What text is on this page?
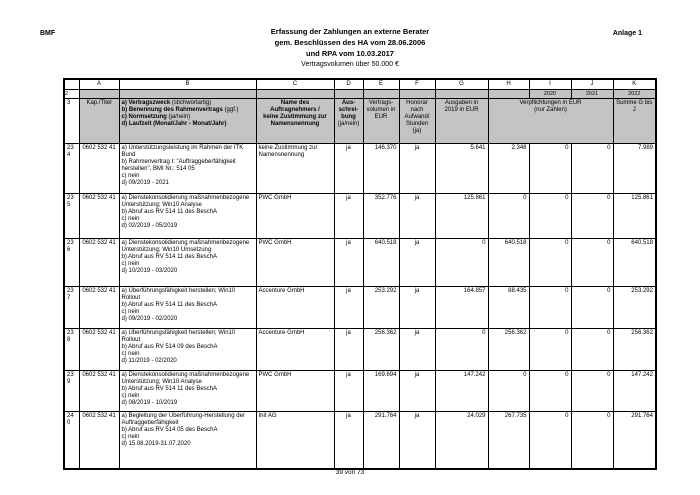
BMF	Anlage 1
Erfassung der Zahlungen an externe Berater
gem. Beschlüssen des HA vom 28.06.2006
und RPA vom 10.03.2017
Vertragsvolumen über 50.000 €
	A	B	C	D	E	F	G	H	I	J	K
2									2020	2021	2022
3	Kap./Titel	a) Vertragszweck (stichwortartig)
b) Benennung des Rahmenvertrags (ggf.)
c) Normsetzung (ja/nein)
d) Laufzeit (Monat/Jahr - Monat/Jahr)

Name des
Auftragnehmers /
keine Zustimmung zur
Namensnennung

Aus-
schrei-
bung
(ja/nein)
	Vertrags-volumen in EUR	Honorar nach Aufwand/ Stunden (ja)	Ausgaben in 2019 in EUR	
Verpflichtungen in EUR
(nur Zahlen)
	Summe G bis J
234	0602 532 41	a) Unterstützungsleistung im Rahmen der ITK Bund
b) Rahmenvertrag I: "Auftraggeberfähigkeit herstellen", BMI Nr.: 514 05
c) nein
d) 09/2019 - 2021	keine Zustimmung zur Namensnennung	ja	146.370	ja	5.641	2.348	0	0	7.989
235	0602 532 41	a) Dienstekonsolidierung maßnahmenbezogene Unterstützung; Win10 Analyse
b) Abruf aus RV 514 11 des BeschA
c) nein
d) 02/2019 - 05/2019	PWC GmbH	ja	352.776	ja	125.861	0	0	0	125.861
236	0602 532 41	a) Dienstekonsolidierung maßnahmenbezogene Unterstützung; Win10 Umsetzung
b) Abruf aus RV 514 11 des BeschA
c) nein
d) 10/2019 - 03/2020	PWC GmbH	ja	640.518	ja	0	640.518	0	0	640.518
237	0602 532 41	a) Überführungsfähigkeit herstellen; Win10 Rollout
b) Abruf aus RV 514 11 des BeschA
c) nein
d) 09/2019 - 02/2020	Accenture GmbH	ja	253.292	ja	164.857	88.435	0	0	253.292
238	0602 532 41	a) Überführungsfähigkeit herstellen; Win10 Rollout
b) Abruf aus RV 514 09 des BeschA
c) nein
d) 11/2019 - 02/2020	Accenture GmbH	ja	256.362	ja	0	256.362	0	0	256.362
239	0602 532 41	a) Dienstekonsolidierung maßnahmenbezogene Unterstützung; Win10 Analyse
b) Abruf aus RV 514 11 des BeschA
c) nein
d) 08/2019 - 10/2019	PWC GmbH	ja	169.694	ja	147.242	0	0	0	147.242
240	0602 532 41	a) Begleitung der Überführung-Herstellung der Auftraggeberfähigkeit
b) Abruf aus RV 514 05 des BeschA
c) nein
d) 15.08.2019-31.07.2020	Init AG	ja	291.764	ja	24.029	267.735	0	0	291.764
39 von 73
